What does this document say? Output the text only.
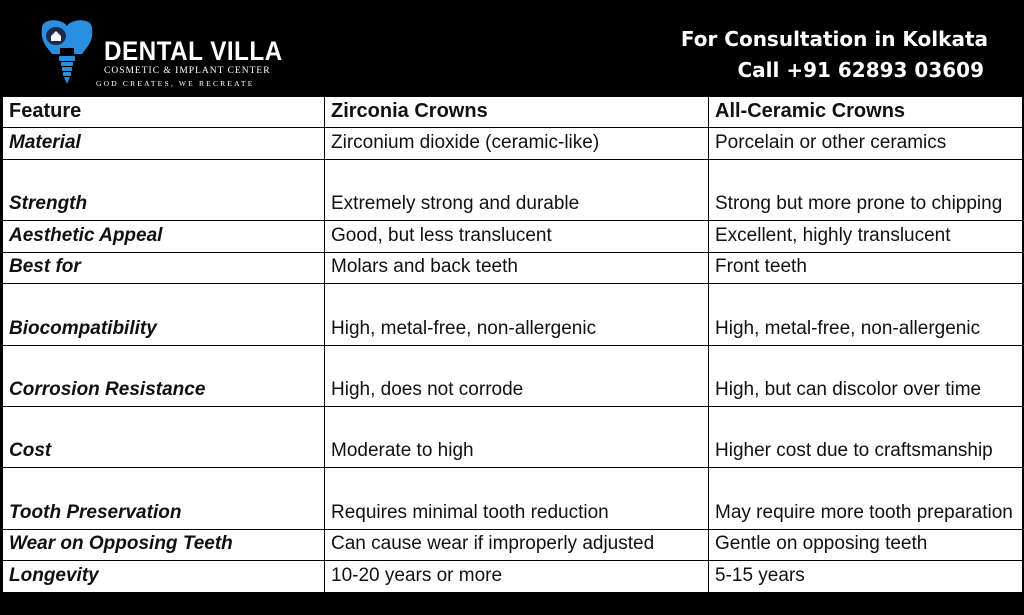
DENTAL VILLA
COSMETIC & IMPLANT CENTER
GOD CREATES, WE RECREATE
For Consultation in Kolkata
Call +91 62893 03609
Feature	Zirconia Crowns	All-Ceramic Crowns
Material	Zirconium dioxide (ceramic-like)	Porcelain or other ceramics
Strength	Extremely strong and durable	Strong but more prone to chipping
Aesthetic Appeal	Good, but less translucent	Excellent, highly translucent
Best for	Molars and back teeth	Front teeth
Biocompatibility	High, metal-free, non-allergenic	High, metal-free, non-allergenic
Corrosion Resistance	High, does not corrode	High, but can discolor over time
Cost	Moderate to high	Higher cost due to craftsmanship
Tooth Preservation	Requires minimal tooth reduction	May require more tooth preparation
Wear on Opposing Teeth	Can cause wear if improperly adjusted	Gentle on opposing teeth
Longevity	10-20 years or more	5-15 years
